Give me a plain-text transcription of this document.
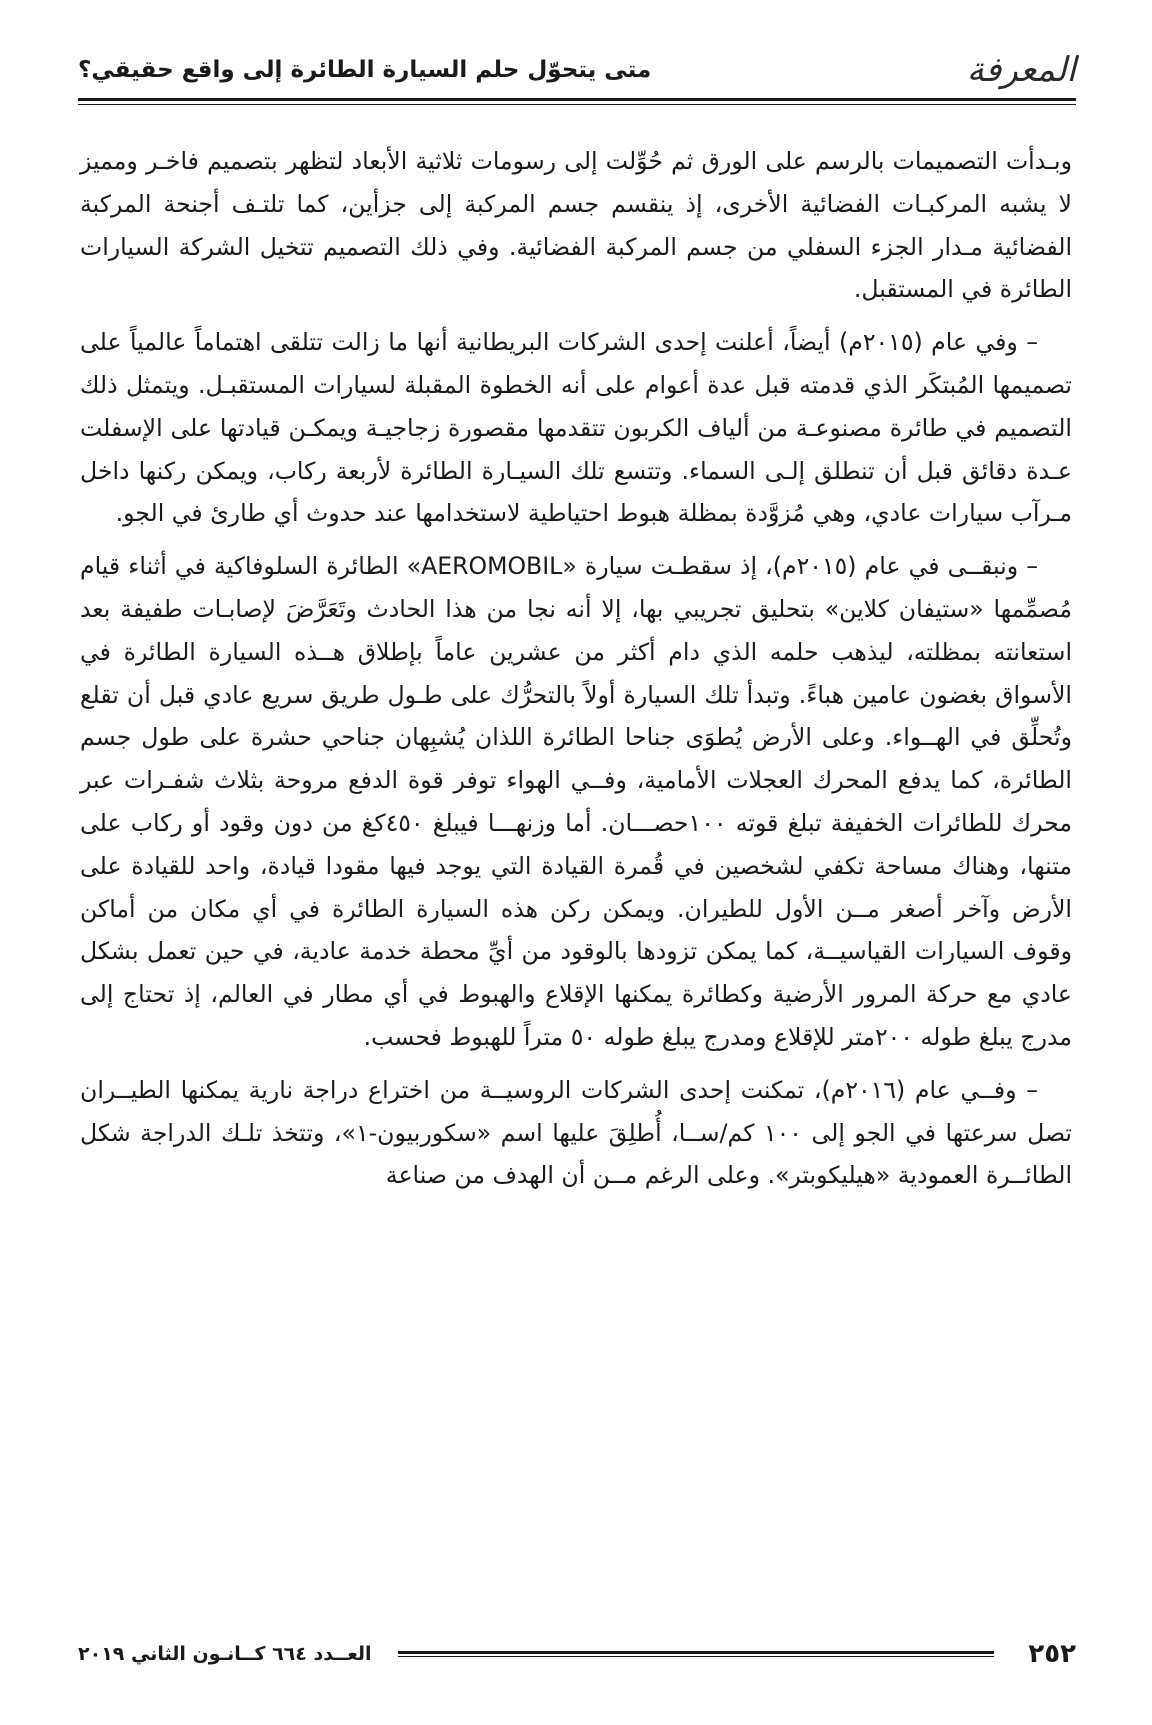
المعرفة
متى يتحوّل حلم السيارة الطائرة إلى واقع حقيقي؟

وبـدأت التصميمات بالرسم على الورق ثم حُوِّلت إلى رسومات ثلاثية الأبعاد لتظهر بتصميم فاخـر ومميز لا يشبه المركبـات الفضائية الأخرى، إذ ينقسم جسم المركبة إلى جزأين، كما تلتـف أجنحة المركبة الفضائية مـدار الجزء السفلي من جسم المركبة الفضائية. وفي ذلك التصميم تتخيل الشركة السيارات الطائرة في المستقبل.

– وفي عام (٢٠١٥م) أيضاً، أعلنت إحدى الشركات البريطانية أنها ما زالت تتلقى اهتماماً عالمياً على تصميمها المُبتكَر الذي قدمته قبل عدة أعوام على أنه الخطوة المقبلة لسيارات المستقبـل. ويتمثل ذلك التصميم في طائرة مصنوعـة من ألياف الكربون تتقدمها مقصورة زجاجيـة ويمكـن قيادتها على الإسفلت عـدة دقائق قبل أن تنطلق إلـى السماء. وتتسع تلك السيـارة الطائرة لأربعة ركاب، ويمكن ركنها داخل مـرآب سيارات عادي، وهي مُزوَّدة بمظلة هبوط احتياطية لاستخدامها عند حدوث أي طارئ في الجو.

– ونبقــى في عام (٢٠١٥م)، إذ سقطـت سيارة «AEROMOBIL» الطائرة السلوفاكية في أثناء قيام مُصمِّمها «ستيفان كلاين» بتحليق تجريبي بها، إلا أنه نجا من هذا الحادث وتَعَرَّضَ لإصابـات طفيفة بعد استعانته بمظلته، ليذهب حلمه الذي دام أكثر من عشرين عاماً بإطلاق هــذه السيارة الطائرة في الأسواق بغضون عامين هباءً. وتبدأ تلك السيارة أولاً بالتحرُّك على طـول طريق سريع عادي قبل أن تقلع وتُحلِّق في الهــواء. وعلى الأرض يُطوَى جناحا الطائرة اللذان يُشبِهان جناحي حشرة على طول جسم الطائرة، كما يدفع المحرك العجلات الأمامية، وفــي الهواء توفر قوة الدفع مروحة بثلاث شفـرات عبر محرك للطائرات الخفيفة تبلغ قوته ١٠٠حصـــان. أما وزنهـــا فيبلغ ٤٥٠كغ من دون وقود أو ركاب على متنها، وهناك مساحة تكفي لشخصين في قُمرة القيادة التي يوجد فيها مقودا قيادة، واحد للقيادة على الأرض وآخر أصغر مــن الأول للطيران. ويمكن ركن هذه السيارة الطائرة في أي مكان من أماكن وقوف السيارات القياسيــة، كما يمكن تزودها بالوقود من أيِّ محطة خدمة عادية، في حين تعمل بشكل عادي مع حركة المرور الأرضية وكطائرة يمكنها الإقلاع والهبوط في أي مطار في العالم، إذ تحتاج إلى مدرج يبلغ طوله ٢٠٠متر للإقلاع ومدرج يبلغ طوله ٥٠ متراً للهبوط فحسب.

– وفــي عام (٢٠١٦م)، تمكنت إحدى الشركات الروسيــة من اختراع دراجة نارية يمكنها الطيــران تصل سرعتها في الجو إلى ١٠٠ كم/ســا، أُطلِقَ عليها اسم «سكوربيون-١»، وتتخذ تلـك الدراجة شكل الطائــرة العمودية «هيليكوبتر». وعلى الرغم مــن أن الهدف من صناعة

٢٥٢
العــدد ٦٦٤ كــانـون الثاني ٢٠١٩
